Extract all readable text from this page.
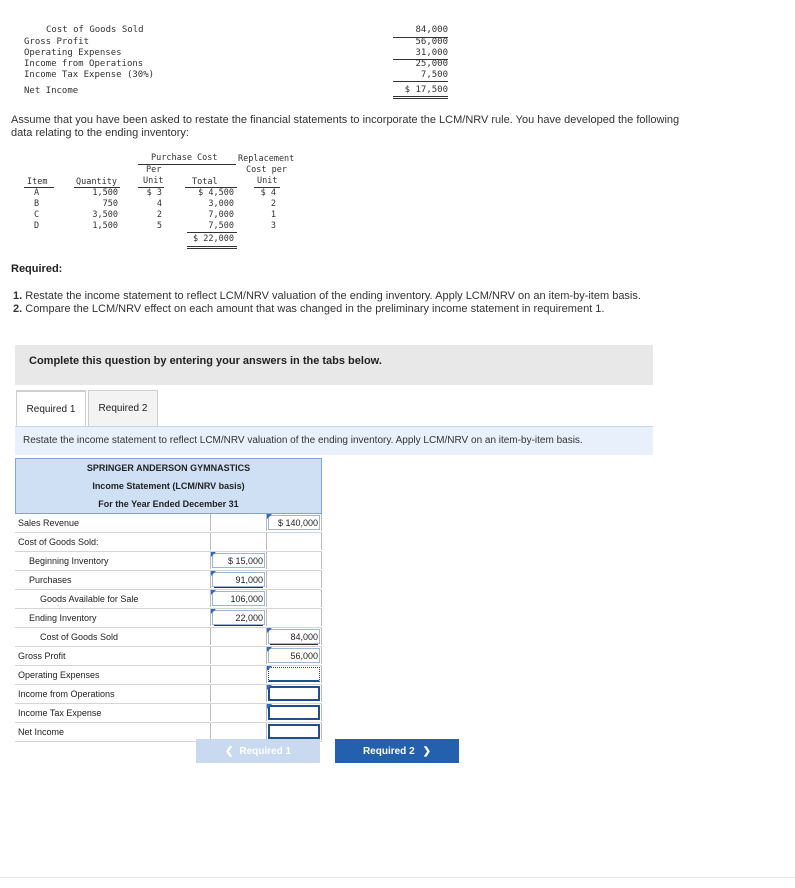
Cost of Goods Sold	84,000
Gross Profit	56,000
Operating Expenses	31,000
Income from Operations	25,000
Income Tax Expense (30%)	7,500
Net Income	$ 17,500
Assume that you have been asked to restate the financial statements to incorporate the LCM/NRV rule. You have developed the following data relating to the ending inventory:
Purchase Cost Replacement
Cost per
Unit
Per
Unit
Item	Quantity	Total
A	1,500	$ 3	$ 4,500	$ 4
B	750	4	3,000	2
C	3,500	2	7,000	1
D	1,500	5	7,500	3
$ 22,000
Required:
1. Restate the income statement to reflect LCM/NRV valuation of the ending inventory. Apply LCM/NRV on an item-by-item basis.
2. Compare the LCM/NRV effect on each amount that was changed in the preliminary income statement in requirement 1.
Complete this question by entering your answers in the tabs below.
Required 1	Required 2
Restate the income statement to reflect LCM/NRV valuation of the ending inventory. Apply LCM/NRV on an item-by-item basis.
SPRINGER ANDERSON GYMNASTICS
Income Statement (LCM/NRV basis)
For the Year Ended December 31
Sales Revenue	$ 140,000
Cost of Goods Sold:
Beginning Inventory	$ 15,000
Purchases	91,000
Goods Available for Sale	106,000
Ending Inventory	22,000
Cost of Goods Sold	84,000
Gross Profit	56,000
Operating Expenses
Income from Operations
Income Tax Expense
Net Income
❮ Required 1	Required 2 ❯
